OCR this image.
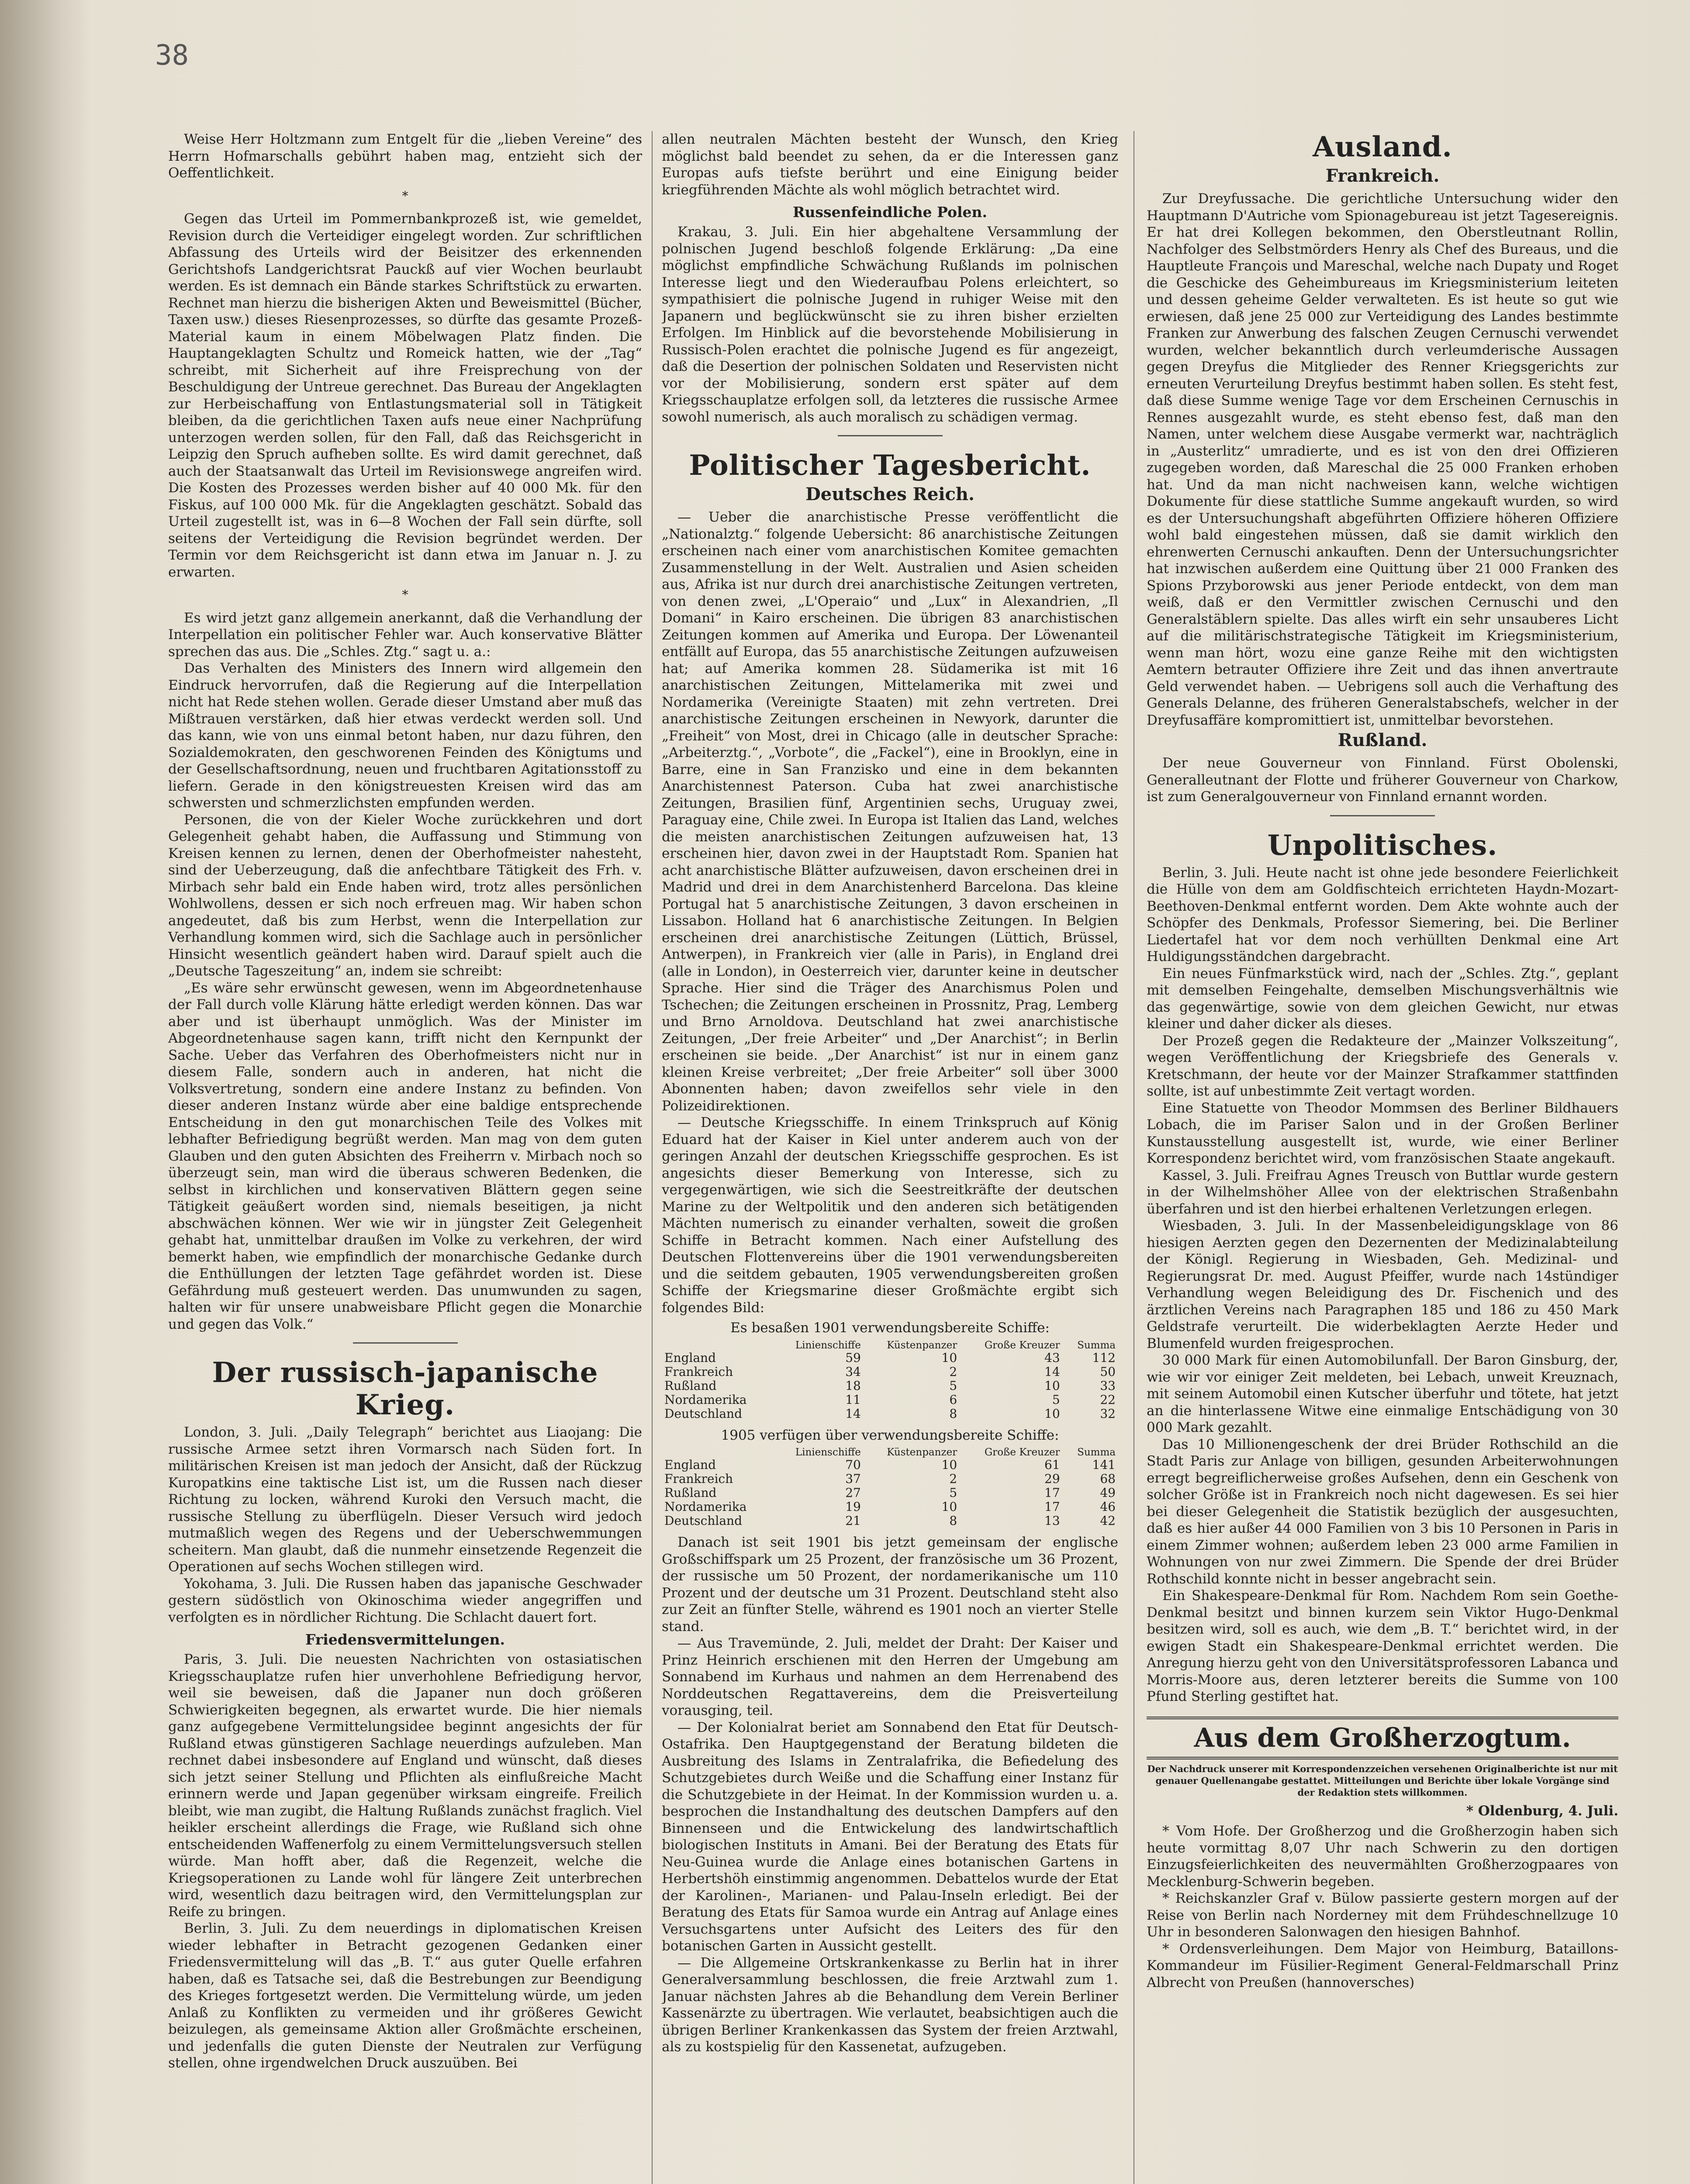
38

Weise Herr Holtzmann zum Entgelt für die „lieben Vereine“ des Herrn Hofmarschalls gebührt haben mag, entzieht sich der Oeffentlichkeit.

*

Gegen das Urteil im Pommernbankprozeß ist, wie gemeldet, Revision durch die Verteidiger eingelegt worden. Zur schriftlichen Abfassung des Urteils wird der Beisitzer des erkennenden Gerichtshofs Landgerichtsrat Pauckß auf vier Wochen beurlaubt werden. Es ist demnach ein Bände starkes Schriftstück zu erwarten. Rechnet man hierzu die bisherigen Akten und Beweismittel (Bücher, Taxen usw.) dieses Riesenprozesses, so dürfte das gesamte Prozeß-Material kaum in einem Möbelwagen Platz finden. Die Hauptangeklagten Schultz und Romeick hatten, wie der „Tag“ schreibt, mit Sicherheit auf ihre Freisprechung von der Beschuldigung der Untreue gerechnet. Das Bureau der Angeklagten zur Herbeischaffung von Entlastungsmaterial soll in Tätigkeit bleiben, da die gerichtlichen Taxen aufs neue einer Nachprüfung unterzogen werden sollen, für den Fall, daß das Reichsgericht in Leipzig den Spruch aufheben sollte. Es wird damit gerechnet, daß auch der Staatsanwalt das Urteil im Revisionswege angreifen wird. Die Kosten des Prozesses werden bisher auf 40 000 Mk. für den Fiskus, auf 100 000 Mk. für die Angeklagten geschätzt. Sobald das Urteil zugestellt ist, was in 6—8 Wochen der Fall sein dürfte, soll seitens der Verteidigung die Revision begründet werden. Der Termin vor dem Reichsgericht ist dann etwa im Januar n. J. zu erwarten.

*

Es wird jetzt ganz allgemein anerkannt, daß die Verhandlung der Interpellation ein politischer Fehler war. Auch konservative Blätter sprechen das aus. Die „Schles. Ztg.“ sagt u. a.:

Das Verhalten des Ministers des Innern wird allgemein den Eindruck hervorrufen, daß die Regierung auf die Interpellation nicht hat Rede stehen wollen. Gerade dieser Umstand aber muß das Mißtrauen verstärken, daß hier etwas verdeckt werden soll. Und das kann, wie von uns einmal betont haben, nur dazu führen, den Sozialdemokraten, den geschworenen Feinden des Königtums und der Gesellschaftsordnung, neuen und fruchtbaren Agitationsstoff zu liefern. Gerade in den königstreuesten Kreisen wird das am schwersten und schmerzlichsten empfunden werden.

Personen, die von der Kieler Woche zurückkehren und dort Gelegenheit gehabt haben, die Auffassung und Stimmung von Kreisen kennen zu lernen, denen der Oberhofmeister nahesteht, sind der Ueberzeugung, daß die anfechtbare Tätigkeit des Frh. v. Mirbach sehr bald ein Ende haben wird, trotz alles persönlichen Wohlwollens, dessen er sich noch erfreuen mag. Wir haben schon angedeutet, daß bis zum Herbst, wenn die Interpellation zur Verhandlung kommen wird, sich die Sachlage auch in persönlicher Hinsicht wesentlich geändert haben wird. Darauf spielt auch die „Deutsche Tageszeitung“ an, indem sie schreibt:

„Es wäre sehr erwünscht gewesen, wenn im Abgeordnetenhause der Fall durch volle Klärung hätte erledigt werden können. Das war aber und ist überhaupt unmöglich. Was der Minister im Abgeordnetenhause sagen kann, trifft nicht den Kernpunkt der Sache. Ueber das Verfahren des Oberhofmeisters nicht nur in diesem Falle, sondern auch in anderen, hat nicht die Volksvertretung, sondern eine andere Instanz zu befinden. Von dieser anderen Instanz würde aber eine baldige entsprechende Entscheidung in den gut monarchischen Teile des Volkes mit lebhafter Befriedigung begrüßt werden. Man mag von dem guten Glauben und den guten Absichten des Freiherrn v. Mirbach noch so überzeugt sein, man wird die überaus schweren Bedenken, die selbst in kirchlichen und konservativen Blättern gegen seine Tätigkeit geäußert worden sind, niemals beseitigen, ja nicht abschwächen können. Wer wie wir in jüngster Zeit Gelegenheit gehabt hat, unmittelbar draußen im Volke zu verkehren, der wird bemerkt haben, wie empfindlich der monarchische Gedanke durch die Enthüllungen der letzten Tage gefährdet worden ist. Diese Gefährdung muß gesteuert werden. Das unumwunden zu sagen, halten wir für unsere unabweisbare Pflicht gegen die Monarchie und gegen das Volk.“

Der russisch-japanische Krieg.

London, 3. Juli. „Daily Telegraph“ berichtet aus Liaojang: Die russische Armee setzt ihren Vormarsch nach Süden fort. In militärischen Kreisen ist man jedoch der Ansicht, daß der Rückzug Kuropatkins eine taktische List ist, um die Russen nach dieser Richtung zu locken, während Kuroki den Versuch macht, die russische Stellung zu überflügeln. Dieser Versuch wird jedoch mutmaßlich wegen des Regens und der Ueberschwemmungen scheitern. Man glaubt, daß die nunmehr einsetzende Regenzeit die Operationen auf sechs Wochen stillegen wird.

Yokohama, 3. Juli. Die Russen haben das japanische Geschwader gestern südöstlich von Okinoschima wieder angegriffen und verfolgten es in nördlicher Richtung. Die Schlacht dauert fort.

Friedensvermittelungen.

Paris, 3. Juli. Die neuesten Nachrichten von ostasiatischen Kriegsschauplatze rufen hier unverhohlene Befriedigung hervor, weil sie beweisen, daß die Japaner nun doch größeren Schwierigkeiten begegnen, als erwartet wurde. Die hier niemals ganz aufgegebene Vermittelungsidee beginnt angesichts der für Rußland etwas günstigeren Sachlage neuerdings aufzuleben. Man rechnet dabei insbesondere auf England und wünscht, daß dieses sich jetzt seiner Stellung und Pflichten als einflußreiche Macht erinnern werde und Japan gegenüber wirksam eingreife. Freilich bleibt, wie man zugibt, die Haltung Rußlands zunächst fraglich. Viel heikler erscheint allerdings die Frage, wie Rußland sich ohne entscheidenden Waffenerfolg zu einem Vermittelungsversuch stellen würde. Man hofft aber, daß die Regenzeit, welche die Kriegsoperationen zu Lande wohl für längere Zeit unterbrechen wird, wesentlich dazu beitragen wird, den Vermittelungsplan zur Reife zu bringen.

Berlin, 3. Juli. Zu dem neuerdings in diplomatischen Kreisen wieder lebhafter in Betracht gezogenen Gedanken einer Friedensvermittelung will das „B. T.“ aus guter Quelle erfahren haben, daß es Tatsache sei, daß die Bestrebungen zur Beendigung des Krieges fortgesetzt werden. Die Vermittelung würde, um jeden Anlaß zu Konflikten zu vermeiden und ihr größeres Gewicht beizulegen, als gemeinsame Aktion aller Großmächte erscheinen, und jedenfalls die guten Dienste der Neutralen zur Verfügung stellen, ohne irgendwelchen Druck auszuüben. Bei

allen neutralen Mächten besteht der Wunsch, den Krieg möglichst bald beendet zu sehen, da er die Interessen ganz Europas aufs tiefste berührt und eine Einigung beider kriegführenden Mächte als wohl möglich betrachtet wird.

Russenfeindliche Polen.

Krakau, 3. Juli. Ein hier abgehaltene Versammlung der polnischen Jugend beschloß folgende Erklärung: „Da eine möglichst empfindliche Schwächung Rußlands im polnischen Interesse liegt und den Wiederaufbau Polens erleichtert, so sympathisiert die polnische Jugend in ruhiger Weise mit den Japanern und beglückwünscht sie zu ihren bisher erzielten Erfolgen. Im Hinblick auf die bevorstehende Mobilisierung in Russisch-Polen erachtet die polnische Jugend es für angezeigt, daß die Desertion der polnischen Soldaten und Reservisten nicht vor der Mobilisierung, sondern erst später auf dem Kriegsschauplatze erfolgen soll, da letzteres die russische Armee sowohl numerisch, als auch moralisch zu schädigen vermag.

Politischer Tagesbericht.
Deutsches Reich.

— Ueber die anarchistische Presse veröffentlicht die „Nationalztg.“ folgende Uebersicht: 86 anarchistische Zeitungen erscheinen nach einer vom anarchistischen Komitee gemachten Zusammenstellung in der Welt. Australien und Asien scheiden aus, Afrika ist nur durch drei anarchistische Zeitungen vertreten, von denen zwei, „L'Operaio“ und „Lux“ in Alexandrien, „Il Domani“ in Kairo erscheinen. Die übrigen 83 anarchistischen Zeitungen kommen auf Amerika und Europa. Der Löwenanteil entfällt auf Europa, das 55 anarchistische Zeitungen aufzuweisen hat; auf Amerika kommen 28. Südamerika ist mit 16 anarchistischen Zeitungen, Mittelamerika mit zwei und Nordamerika (Vereinigte Staaten) mit zehn vertreten. Drei anarchistische Zeitungen erscheinen in Newyork, darunter die „Freiheit“ von Most, drei in Chicago (alle in deutscher Sprache: „Arbeiterztg.“, „Vorbote“, die „Fackel“), eine in Brooklyn, eine in Barre, eine in San Franzisko und eine in dem bekannten Anarchistennest Paterson. Cuba hat zwei anarchistische Zeitungen, Brasilien fünf, Argentinien sechs, Uruguay zwei, Paraguay eine, Chile zwei. In Europa ist Italien das Land, welches die meisten anarchistischen Zeitungen aufzuweisen hat, 13 erscheinen hier, davon zwei in der Hauptstadt Rom. Spanien hat acht anarchistische Blätter aufzuweisen, davon erscheinen drei in Madrid und drei in dem Anarchistenherd Barcelona. Das kleine Portugal hat 5 anarchistische Zeitungen, 3 davon erscheinen in Lissabon. Holland hat 6 anarchistische Zeitungen. In Belgien erscheinen drei anarchistische Zeitungen (Lüttich, Brüssel, Antwerpen), in Frankreich vier (alle in Paris), in England drei (alle in London), in Oesterreich vier, darunter keine in deutscher Sprache. Hier sind die Träger des Anarchismus Polen und Tschechen; die Zeitungen erscheinen in Prossnitz, Prag, Lemberg und Brno Arnoldova. Deutschland hat zwei anarchistische Zeitungen, „Der freie Arbeiter“ und „Der Anarchist“; in Berlin erscheinen sie beide. „Der Anarchist“ ist nur in einem ganz kleinen Kreise verbreitet; „Der freie Arbeiter“ soll über 3000 Abonnenten haben; davon zweifellos sehr viele in den Polizeidirektionen.

— Deutsche Kriegsschiffe. In einem Trinkspruch auf König Eduard hat der Kaiser in Kiel unter anderem auch von der geringen Anzahl der deutschen Kriegsschiffe gesprochen. Es ist angesichts dieser Bemerkung von Interesse, sich zu vergegenwärtigen, wie sich die Seestreitkräfte der deutschen Marine zu der Weltpolitik und den anderen sich betätigenden Mächten numerisch zu einander verhalten, soweit die großen Schiffe in Betracht kommen. Nach einer Aufstellung des Deutschen Flottenvereins über die 1901 verwendungsbereiten und die seitdem gebauten, 1905 verwendungsbereiten großen Schiffe der Kriegsmarine dieser Großmächte ergibt sich folgendes Bild:

Es besaßen 1901 verwendungsbereite Schiffe:

	Linienschiffe	Küstenpanzer	Große Kreuzer	Summa
England	59	10	43	112
Frankreich	34	2	14	50
Rußland	18	5	10	33
Nordamerika	11	6	5	22
Deutschland	14	8	10	32

1905 verfügen über verwendungsbereite Schiffe:

	Linienschiffe	Küstenpanzer	Große Kreuzer	Summa
England	70	10	61	141
Frankreich	37	2	29	68
Rußland	27	5	17	49
Nordamerika	19	10	17	46
Deutschland	21	8	13	42

Danach ist seit 1901 bis jetzt gemeinsam der englische Großschiffspark um 25 Prozent, der französische um 36 Prozent, der russische um 50 Prozent, der nordamerikanische um 110 Prozent und der deutsche um 31 Prozent. Deutschland steht also zur Zeit an fünfter Stelle, während es 1901 noch an vierter Stelle stand.

— Aus Travemünde, 2. Juli, meldet der Draht: Der Kaiser und Prinz Heinrich erschienen mit den Herren der Umgebung am Sonnabend im Kurhaus und nahmen an dem Herrenabend des Norddeutschen Regattavereins, dem die Preisverteilung vorausging, teil.

— Der Kolonialrat beriet am Sonnabend den Etat für Deutsch-Ostafrika. Den Hauptgegenstand der Beratung bildeten die Ausbreitung des Islams in Zentralafrika, die Befiedelung des Schutzgebietes durch Weiße und die Schaffung einer Instanz für die Schutzgebiete in der Heimat. In der Kommission wurden u. a. besprochen die Instandhaltung des deutschen Dampfers auf den Binnenseen und die Entwickelung des landwirtschaftlich biologischen Instituts in Amani. Bei der Beratung des Etats für Neu-Guinea wurde die Anlage eines botanischen Gartens in Herbertshöh einstimmig angenommen. Debattelos wurde der Etat der Karolinen-, Marianen- und Palau-Inseln erledigt. Bei der Beratung des Etats für Samoa wurde ein Antrag auf Anlage eines Versuchsgartens unter Aufsicht des Leiters des für den botanischen Garten in Aussicht gestellt.

— Die Allgemeine Ortskrankenkasse zu Berlin hat in ihrer Generalversammlung beschlossen, die freie Arztwahl zum 1. Januar nächsten Jahres ab die Behandlung dem Verein Berliner Kassenärzte zu übertragen. Wie verlautet, beabsichtigen auch die übrigen Berliner Krankenkassen das System der freien Arztwahl, als zu kostspielig für den Kassenetat, aufzugeben.

Ausland.
Frankreich.

Zur Dreyfussache. Die gerichtliche Untersuchung wider den Hauptmann D'Autriche vom Spionagebureau ist jetzt Tagesereignis. Er hat drei Kollegen bekommen, den Oberstleutnant Rollin, Nachfolger des Selbstmörders Henry als Chef des Bureaus, und die Hauptleute François und Mareschal, welche nach Dupaty und Roget die Geschicke des Geheimbureaus im Kriegsministerium leiteten und dessen geheime Gelder verwalteten. Es ist heute so gut wie erwiesen, daß jene 25 000 zur Verteidigung des Landes bestimmte Franken zur Anwerbung des falschen Zeugen Cernuschi verwendet wurden, welcher bekanntlich durch verleumderische Aussagen gegen Dreyfus die Mitglieder des Renner Kriegsgerichts zur erneuten Verurteilung Dreyfus bestimmt haben sollen. Es steht fest, daß diese Summe wenige Tage vor dem Erscheinen Cernuschis in Rennes ausgezahlt wurde, es steht ebenso fest, daß man den Namen, unter welchem diese Ausgabe vermerkt war, nachträglich in „Austerlitz“ umradierte, und es ist von den drei Offizieren zugegeben worden, daß Mareschal die 25 000 Franken erhoben hat. Und da man nicht nachweisen kann, welche wichtigen Dokumente für diese stattliche Summe angekauft wurden, so wird es der Untersuchungshaft abgeführten Offiziere höheren Offiziere wohl bald eingestehen müssen, daß sie damit wirklich den ehrenwerten Cernuschi ankauften. Denn der Untersuchungsrichter hat inzwischen außerdem eine Quittung über 21 000 Franken des Spions Przyborowski aus jener Periode entdeckt, von dem man weiß, daß er den Vermittler zwischen Cernuschi und den Generalstäblern spielte. Das alles wirft ein sehr unsauberes Licht auf die militärischstrategische Tätigkeit im Kriegsministerium, wenn man hört, wozu eine ganze Reihe mit den wichtigsten Aemtern betrauter Offiziere ihre Zeit und das ihnen anvertraute Geld verwendet haben. — Uebrigens soll auch die Verhaftung des Generals Delanne, des früheren Generalstabschefs, welcher in der Dreyfusaffäre kompromittiert ist, unmittelbar bevorstehen.

Rußland.

Der neue Gouverneur von Finnland. Fürst Obolenski, Generalleutnant der Flotte und früherer Gouverneur von Charkow, ist zum Generalgouverneur von Finnland ernannt worden.

Unpolitisches.

Berlin, 3. Juli. Heute nacht ist ohne jede besondere Feierlichkeit die Hülle von dem am Goldfischteich errichteten Haydn-Mozart-Beethoven-Denkmal entfernt worden. Dem Akte wohnte auch der Schöpfer des Denkmals, Professor Siemering, bei. Die Berliner Liedertafel hat vor dem noch verhüllten Denkmal eine Art Huldigungsständchen dargebracht.

Ein neues Fünfmarkstück wird, nach der „Schles. Ztg.“, geplant mit demselben Feingehalte, demselben Mischungsverhältnis wie das gegenwärtige, sowie von dem gleichen Gewicht, nur etwas kleiner und daher dicker als dieses.

Der Prozeß gegen die Redakteure der „Mainzer Volkszeitung“, wegen Veröffentlichung der Kriegsbriefe des Generals v. Kretschmann, der heute vor der Mainzer Strafkammer stattfinden sollte, ist auf unbestimmte Zeit vertagt worden.

Eine Statuette von Theodor Mommsen des Berliner Bildhauers Lobach, die im Pariser Salon und in der Großen Berliner Kunstausstellung ausgestellt ist, wurde, wie einer Berliner Korrespondenz berichtet wird, vom französischen Staate angekauft.

Kassel, 3. Juli. Freifrau Agnes Treusch von Buttlar wurde gestern in der Wilhelmshöher Allee von der elektrischen Straßenbahn überfahren und ist den hierbei erhaltenen Verletzungen erlegen.

Wiesbaden, 3. Juli. In der Massenbeleidigungsklage von 86 hiesigen Aerzten gegen den Dezernenten der Medizinalabteilung der Königl. Regierung in Wiesbaden, Geh. Medizinal- und Regierungsrat Dr. med. August Pfeiffer, wurde nach 14stündiger Verhandlung wegen Beleidigung des Dr. Fischenich und des ärztlichen Vereins nach Paragraphen 185 und 186 zu 450 Mark Geldstrafe verurteilt. Die widerbeklagten Aerzte Heder und Blumenfeld wurden freigesprochen.

30 000 Mark für einen Automobilunfall. Der Baron Ginsburg, der, wie wir vor einiger Zeit meldeten, bei Lebach, unweit Kreuznach, mit seinem Automobil einen Kutscher überfuhr und tötete, hat jetzt an die hinterlassene Witwe eine einmalige Entschädigung von 30 000 Mark gezahlt.

Das 10 Millionengeschenk der drei Brüder Rothschild an die Stadt Paris zur Anlage von billigen, gesunden Arbeiterwohnungen erregt begreiflicherweise großes Aufsehen, denn ein Geschenk von solcher Größe ist in Frankreich noch nicht dagewesen. Es sei hier bei dieser Gelegenheit die Statistik bezüglich der ausgesuchten, daß es hier außer 44 000 Familien von 3 bis 10 Personen in Paris in einem Zimmer wohnen; außerdem leben 23 000 arme Familien in Wohnungen von nur zwei Zimmern. Die Spende der drei Brüder Rothschild konnte nicht in besser angebracht sein.

Ein Shakespeare-Denkmal für Rom. Nachdem Rom sein Goethe-Denkmal besitzt und binnen kurzem sein Viktor Hugo-Denkmal besitzen wird, soll es auch, wie dem „B. T.“ berichtet wird, in der ewigen Stadt ein Shakespeare-Denkmal errichtet werden. Die Anregung hierzu geht von den Universitätsprofessoren Labanca und Morris-Moore aus, deren letzterer bereits die Summe von 100 Pfund Sterling gestiftet hat.

Aus dem Großherzogtum.

Der Nachdruck unserer mit Korrespondenzzeichen versehenen Originalberichte ist nur mit genauer Quellenangabe gestattet. Mitteilungen und Berichte über lokale Vorgänge sind der Redaktion stets willkommen.

* Oldenburg, 4. Juli.

* Vom Hofe. Der Großherzog und die Großherzogin haben sich heute vormittag 8,07 Uhr nach Schwerin zu den dortigen Einzugsfeierlichkeiten des neuvermählten Großherzogpaares von Mecklenburg-Schwerin begeben.

* Reichskanzler Graf v. Bülow passierte gestern morgen auf der Reise von Berlin nach Norderney mit dem Frühdeschnellzuge 10 Uhr in besonderen Salonwagen den hiesigen Bahnhof.

* Ordensverleihungen. Dem Major von Heimburg, Bataillons-Kommandeur im Füsilier-Regiment General-Feldmarschall Prinz Albrecht von Preußen (hannoversches)
